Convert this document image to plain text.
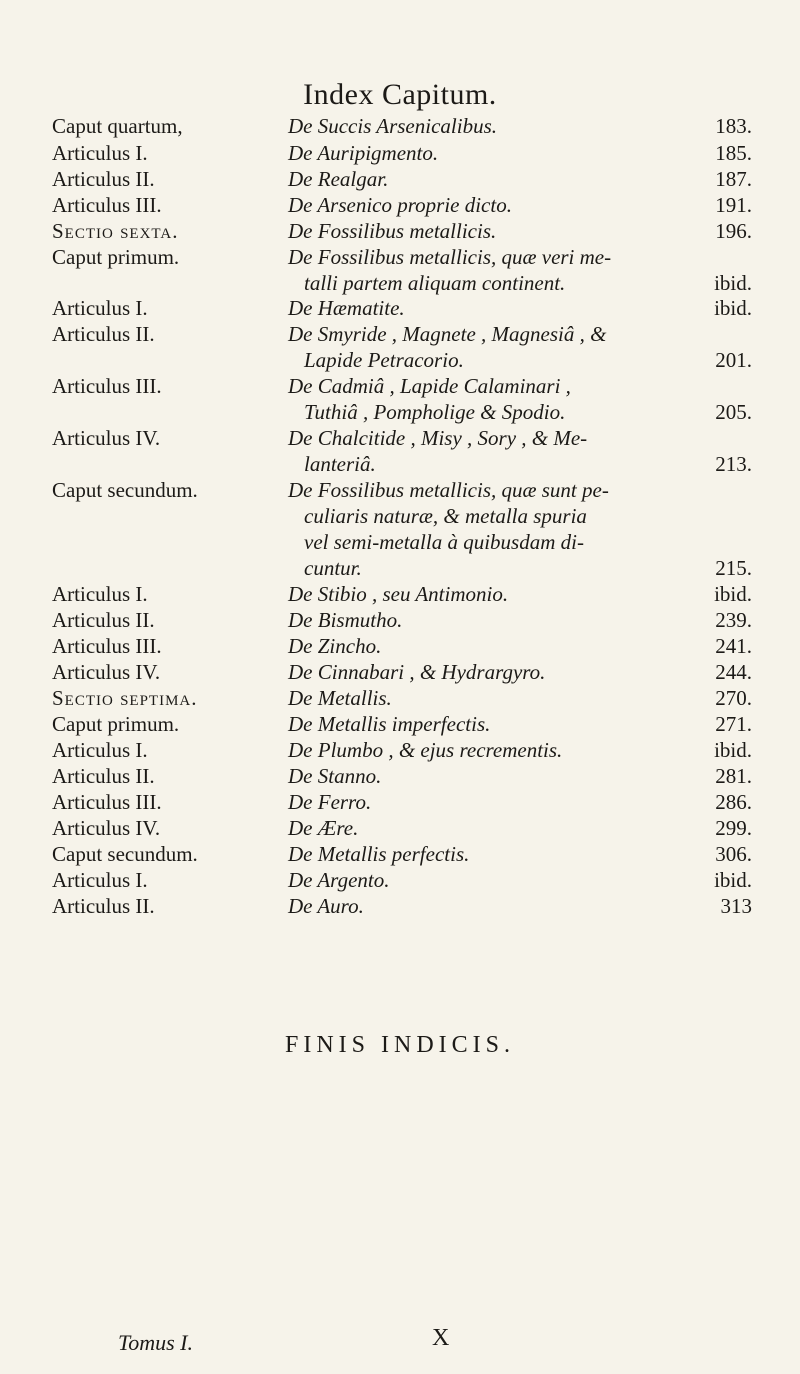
Index Capitum.
Caput quartum,	De Succis Arsenicalibus.	183.
Articulus I.	De Auripigmento.	185.
Articulus II.	De Realgar.	187.
Articulus III.	De Arsenico proprie dicto.	191.
Sectio sexta.	De Fossilibus metallicis.	196.
Caput primum.	De Fossilibus metallicis, quæ veri me-
talli partem aliquam continent.	ibid.
Articulus I.	De Hæmatite.	ibid.
Articulus II.	De Smyride , Magnete , Magnesiâ , &
Lapide Petracorio.	201.
Articulus III.	De Cadmiâ , Lapide Calaminari ,
Tuthiâ , Pompholige & Spodio.	205.
Articulus IV.	De Chalcitide , Misy , Sory , & Me-
lanteriâ.	213.
Caput secundum.	De Fossilibus metallicis, quæ sunt pe-
culiaris naturæ, & metalla spuria
vel semi-metalla à quibusdam di-
cuntur.	215.
Articulus I.	De Stibio , seu Antimonio.	ibid.
Articulus II.	De Bismutho.	239.
Articulus III.	De Zincho.	241.
Articulus IV.	De Cinnabari , & Hydrargyro.	244.
Sectio septima.	De Metallis.	270.
Caput primum.	De Metallis imperfectis.	271.
Articulus I.	De Plumbo , & ejus recrementis.	ibid.
Articulus II.	De Stanno.	281.
Articulus III.	De Ferro.	286.
Articulus IV.	De Ære.	299.
Caput secundum.	De Metallis perfectis.	306.
Articulus I.	De Argento.	ibid.
Articulus II.	De Auro.	313
FINIS INDICIS.
Tomus I.	X
